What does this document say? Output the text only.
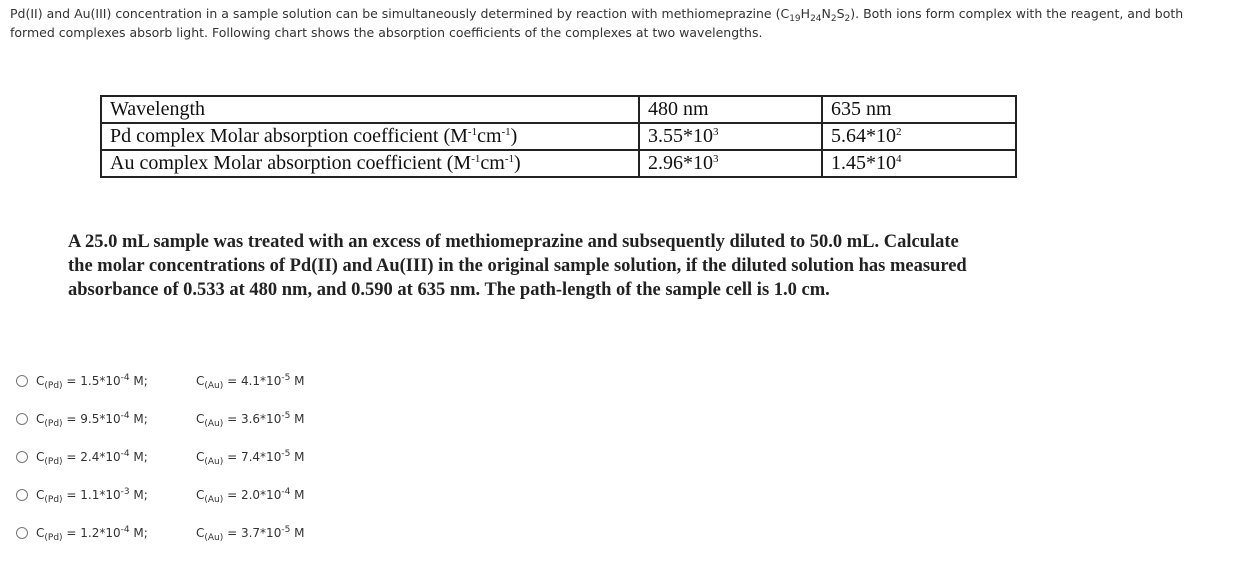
Pd(II) and Au(III) concentration in a sample solution can be simultaneously determined by reaction with methiomeprazine $(C_{19}H_{24}N_2S_2)$. Both ions form complex with the reagent, and both formed complexes absorb light. Following chart shows the absorption coefficients of the complexes at two wavelengths.
Wavelength	480 nm	635 nm
Pd complex Molar absorption coefficient $(M^{-1}cm^{-1})$	$3.55*10^3$	$5.64*10^2$
Au complex Molar absorption coefficient $(M^{-1}cm^{-1})$	$2.96*10^3$	$1.45*10^4$
A 25.0 mL sample was treated with an excess of methiomeprazine and subsequently diluted to 50.0 mL. Calculate the molar concentrations of Pd(II) and Au(III) in the original sample solution, if the diluted solution has measured absorbance of 0.533 at 480 nm, and 0.590 at 635 nm. The path-length of the sample cell is 1.0 cm.
$C_{(Pd)} = 1.5*10^{-4}$ M;	$C_{(Au)} = 4.1*10^{-5}$ M
$C_{(Pd)} = 9.5*10^{-4}$ M;	$C_{(Au)} = 3.6*10^{-5}$ M
$C_{(Pd)} = 2.4*10^{-4}$ M;	$C_{(Au)} = 7.4*10^{-5}$ M
$C_{(Pd)} = 1.1*10^{-3}$ M;	$C_{(Au)} = 2.0*10^{-4}$ M
$C_{(Pd)} = 1.2*10^{-4}$ M;	$C_{(Au)} = 3.7*10^{-5}$ M
